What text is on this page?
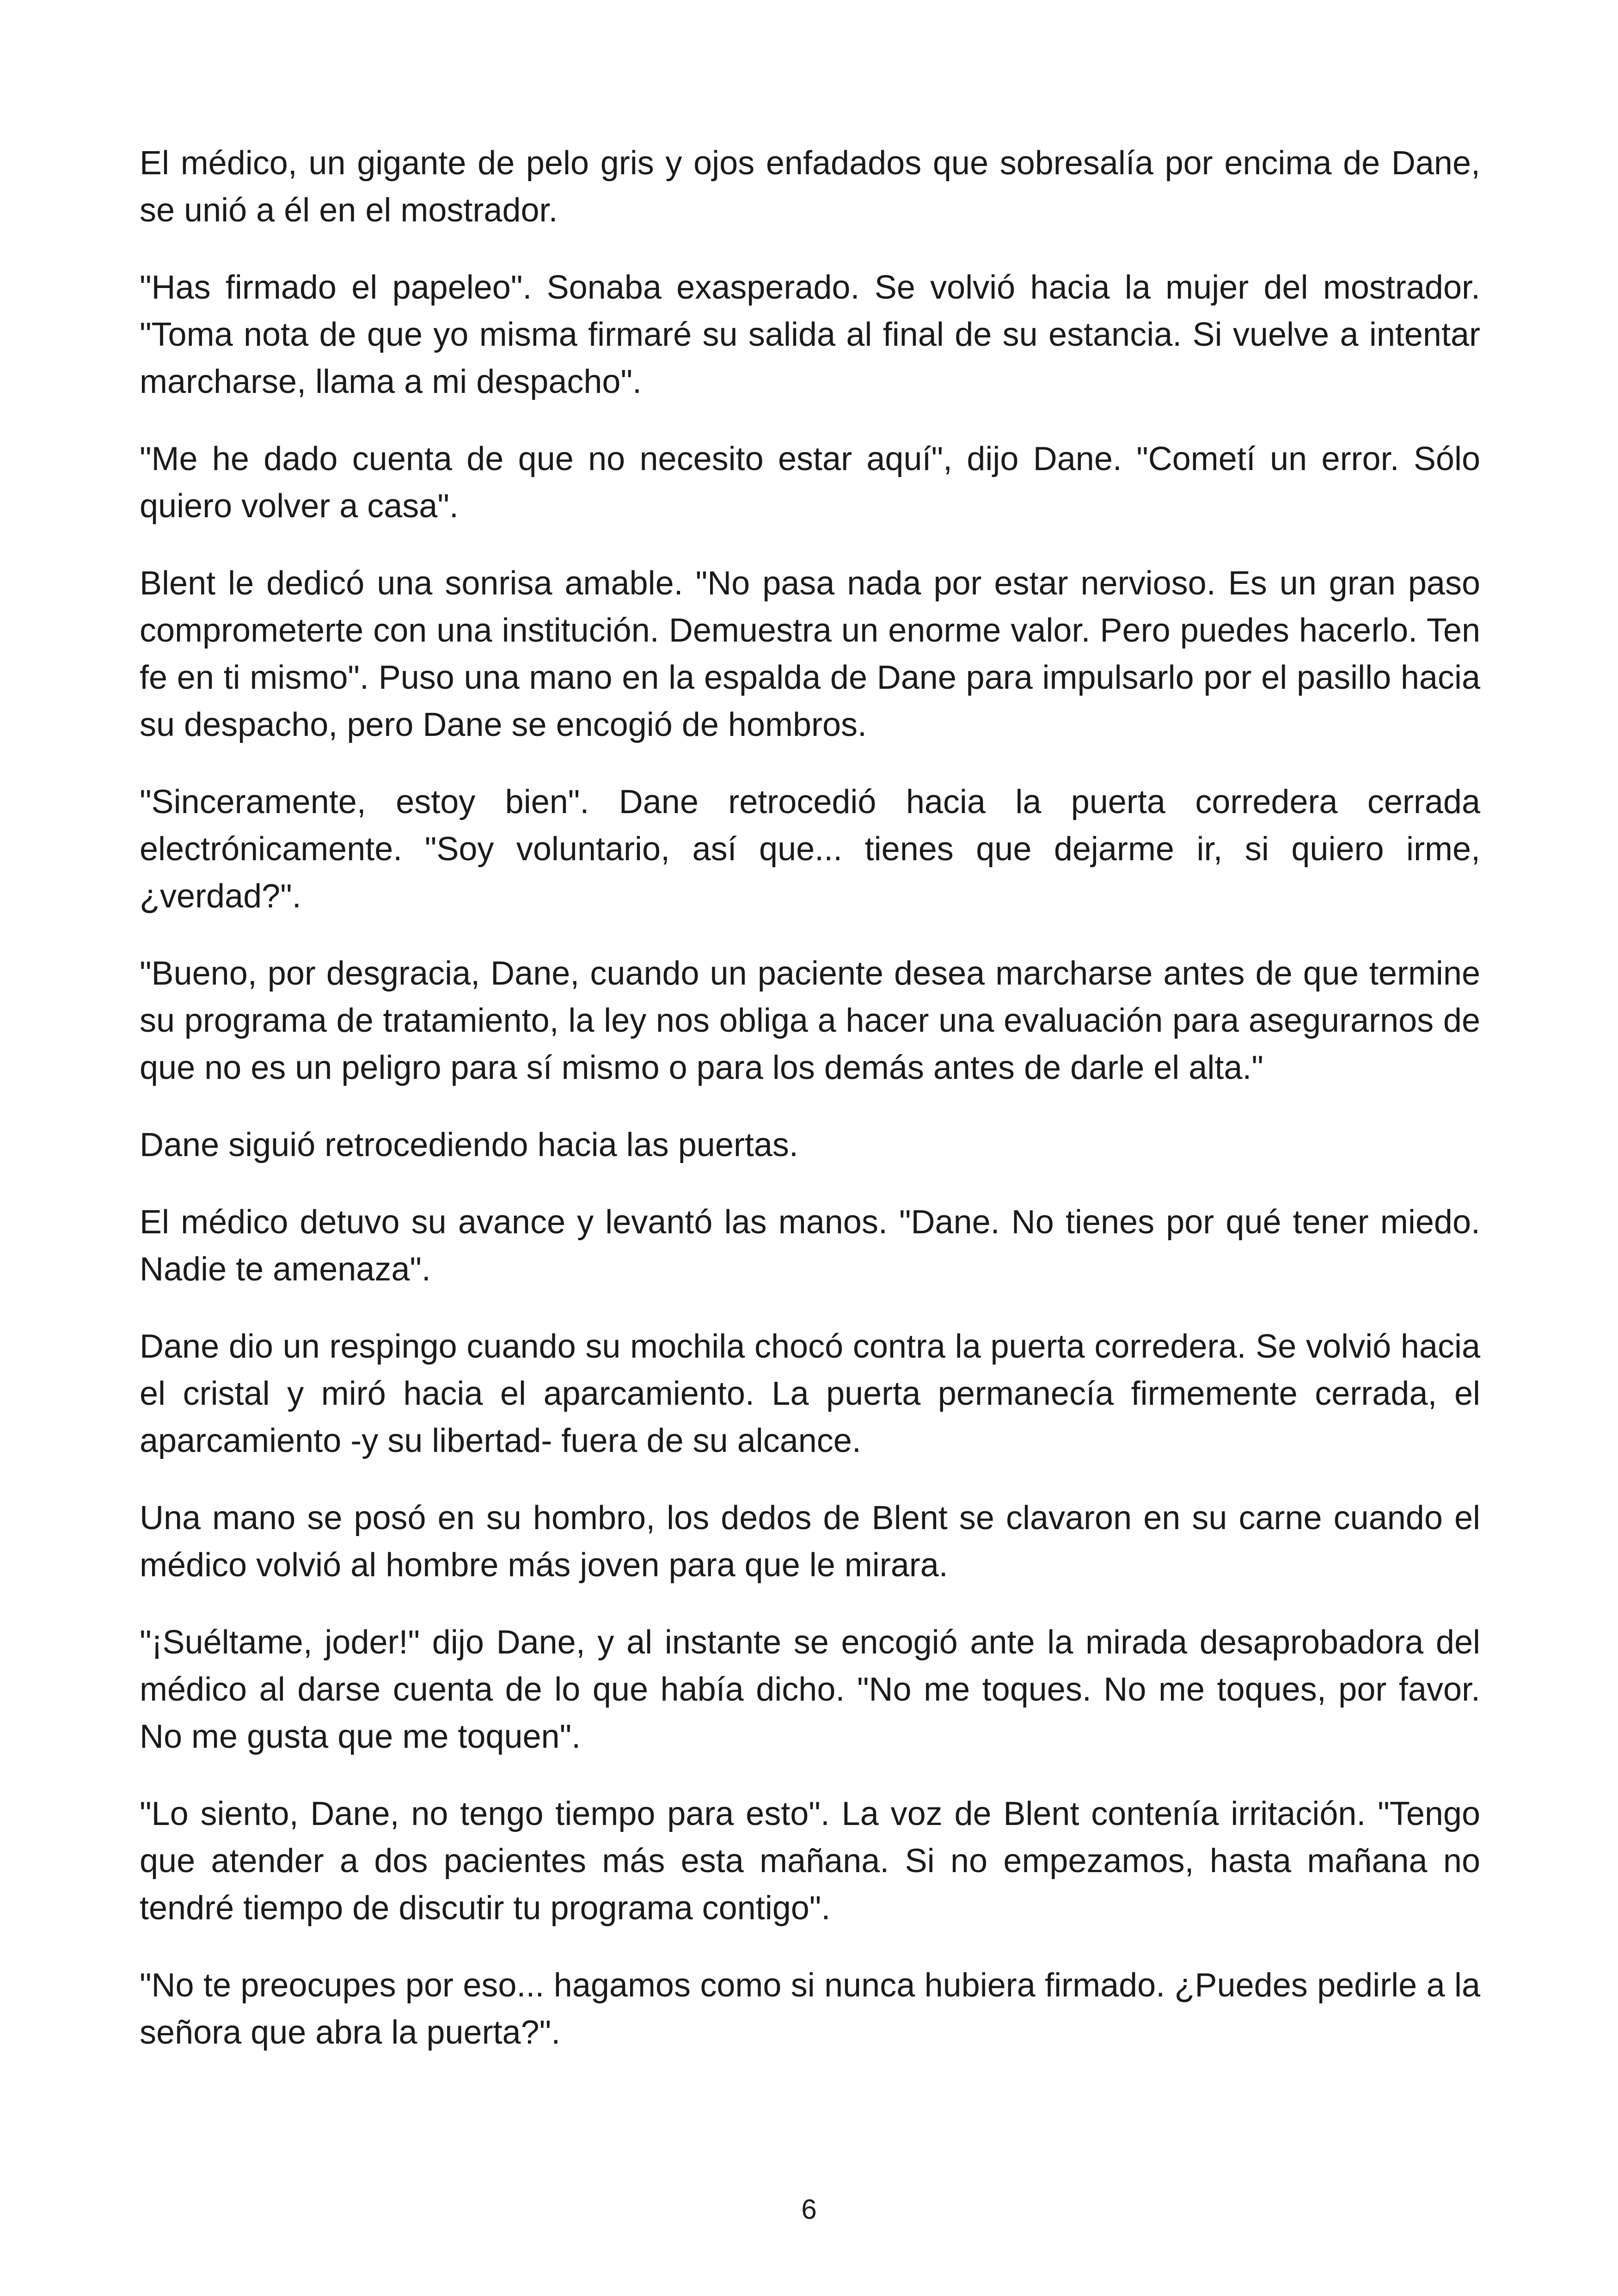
El médico, un gigante de pelo gris y ojos enfadados que sobresalía por encima de Dane, se unió a él en el mostrador.

"Has firmado el papeleo". Sonaba exasperado. Se volvió hacia la mujer del mostrador. "Toma nota de que yo misma firmaré su salida al final de su estancia. Si vuelve a intentar marcharse, llama a mi despacho".

"Me he dado cuenta de que no necesito estar aquí", dijo Dane. "Cometí un error. Sólo quiero volver a casa".

Blent le dedicó una sonrisa amable. "No pasa nada por estar nervioso. Es un gran paso comprometerte con una institución. Demuestra un enorme valor. Pero puedes hacerlo. Ten fe en ti mismo". Puso una mano en la espalda de Dane para impulsarlo por el pasillo hacia su despacho, pero Dane se encogió de hombros.

"Sinceramente, estoy bien". Dane retrocedió hacia la puerta corredera cerrada electrónicamente. "Soy voluntario, así que... tienes que dejarme ir, si quiero irme, ¿verdad?".

"Bueno, por desgracia, Dane, cuando un paciente desea marcharse antes de que termine su programa de tratamiento, la ley nos obliga a hacer una evaluación para asegurarnos de que no es un peligro para sí mismo o para los demás antes de darle el alta."

Dane siguió retrocediendo hacia las puertas.

El médico detuvo su avance y levantó las manos. "Dane. No tienes por qué tener miedo. Nadie te amenaza".

Dane dio un respingo cuando su mochila chocó contra la puerta corredera. Se volvió hacia el cristal y miró hacia el aparcamiento. La puerta permanecía firmemente cerrada, el aparcamiento -y su libertad- fuera de su alcance.

Una mano se posó en su hombro, los dedos de Blent se clavaron en su carne cuando el médico volvió al hombre más joven para que le mirara.

"¡Suéltame, joder!" dijo Dane, y al instante se encogió ante la mirada desaprobadora del médico al darse cuenta de lo que había dicho. "No me toques. No me toques, por favor. No me gusta que me toquen".

"Lo siento, Dane, no tengo tiempo para esto". La voz de Blent contenía irritación. "Tengo que atender a dos pacientes más esta mañana. Si no empezamos, hasta mañana no tendré tiempo de discutir tu programa contigo".

"No te preocupes por eso... hagamos como si nunca hubiera firmado. ¿Puedes pedirle a la señora que abra la puerta?".

6
